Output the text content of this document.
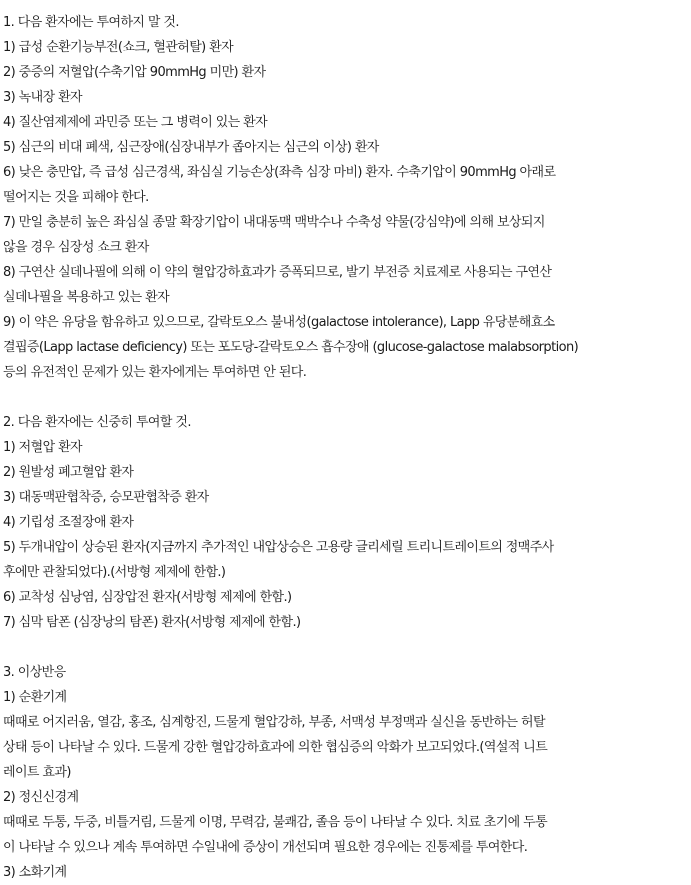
1. 다음 환자에는 투여하지 말 것.
1) 급성 순환기능부전(쇼크, 혈관허탈) 환자
2) 중증의 저혈압(수축기압 90mmHg 미만) 환자
3) 녹내장 환자
4) 질산염제제에 과민증 또는 그 병력이 있는 환자
5) 심근의 비대 폐색, 심근장애(심장내부가 좁아지는 심근의 이상) 환자
6) 낮은 충만압, 즉 급성 심근경색, 좌심실 기능손상(좌측 심장 마비) 환자. 수축기압이 90mmHg 아래로
떨어지는 것을 피해야 한다.
7) 만일 충분히 높은 좌심실 종말 확장기압이 내대동맥 맥박수나 수축성 약물(강심약)에 의해 보상되지
않을 경우 심장성 쇼크 환자
8) 구연산 실데나필에 의해 이 약의 혈압강하효과가 증폭되므로, 발기 부전증 치료제로 사용되는 구연산
실데나필을 복용하고 있는 환자
9) 이 약은 유당을 함유하고 있으므로, 갈락토오스 불내성(galactose intolerance), Lapp 유당분해효소
결핍증(Lapp lactase deficiency) 또는 포도당-갈락토오스 흡수장애 (glucose-galactose malabsorption)
등의 유전적인 문제가 있는 환자에게는 투여하면 안 된다.
2. 다음 환자에는 신중히 투여할 것.
1) 저혈압 환자
2) 원발성 폐고혈압 환자
3) 대동맥판협착증, 승모판협착증 환자
4) 기립성 조절장애 환자
5) 두개내압이 상승된 환자(지금까지 추가적인 내압상승은 고용량 글리세릴 트리니트레이트의 정맥주사
후에만 관찰되었다).(서방형 제제에 한함.)
6) 교착성 심낭염, 심장압전 환자(서방형 제제에 한함.)
7) 심막 탐폰 (심장낭의 탐폰) 환자(서방형 제제에 한함.)
3. 이상반응
1) 순환기계
때때로 어지러움, 열감, 홍조, 심계항진, 드물게 혈압강하, 부종, 서맥성 부정맥과 실신을 동반하는 허탈
상태 등이 나타날 수 있다. 드물게 강한 혈압강하효과에 의한 협심증의 악화가 보고되었다.(역설적 니트
레이트 효과)
2) 정신신경계
때때로 두통, 두중, 비틀거림, 드물게 이명, 무력감, 불쾌감, 졸음 등이 나타날 수 있다. 치료 초기에 두통
이 나타날 수 있으나 계속 투여하면 수일내에 증상이 개선되며 필요한 경우에는 진통제를 투여한다.
3) 소화기계
